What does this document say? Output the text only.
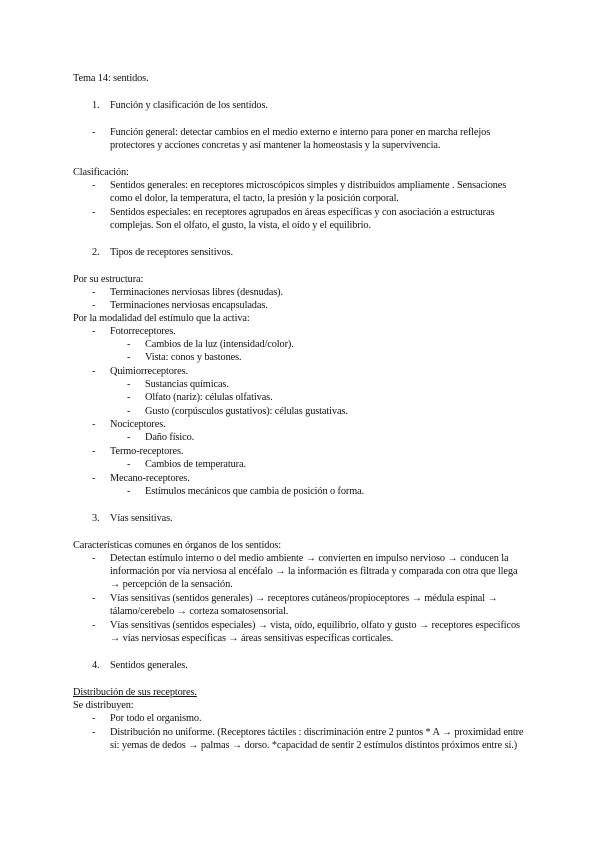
Tema 14: sentidos.
1. Función y clasificación de los sentidos.
- Función general: detectar cambios en el medio externo e interno para poner en marcha reflejos
protectores y acciones concretas y así mantener la homeostasis y la supervivencia.
Clasificación:
- Sentidos generales: en receptores microscópicos simples y distribuidos ampliamente . Sensaciones
como el dolor, la temperatura, el tacto, la presión y la posición corporal.
- Sentidos especiales: en receptores agrupados en áreas específicas y con asociación a estructuras
complejas. Son el olfato, el gusto, la vista, el oído y el equilibrio.
2. Tipos de receptores sensitivos.
Por su estructura:
- Terminaciones nerviosas libres (desnudas).
- Terminaciones nerviosas encapsuladas.
Por la modalidad del estímulo que la activa:
- Fotorreceptores.
- Cambios de la luz (intensidad/color).
- Vista: conos y bastones.
- Quimiorreceptores.
- Sustancias químicas.
- Olfato (nariz): células olfativas.
- Gusto (corpúsculos gustativos): células gustativas.
- Nociceptores.
- Daño físico.
- Termo-receptores.
- Cambios de temperatura.
- Mecano-receptores.
- Estímulos mecánicos que cambia de posición o forma.
3. Vías sensitivas.
Características comunes en órganos de los sentidos:
- Detectan estímulo interno o del medio ambiente → convierten en impulso nervioso → conducen la
información por vía nerviosa al encéfalo → la información es filtrada y comparada con otra que llega
→ percepción de la sensación.
- Vías sensitivas (sentidos generales) → receptores cutáneos/propioceptores → médula espinal →
tálamo/cerebelo → corteza somatosensorial.
- Vías sensitivas (sentidos especiales) → vista, oído, equilibrio, olfato y gusto → receptores específicos
→ vías nerviosas específicas → áreas sensitivas específicas corticales.
4. Sentidos generales.
Distribución de sus receptores.
Se distribuyen:
- Por todo el organismo.
- Distribución no uniforme. (Receptores táctiles : discriminación entre 2 puntos * A → proximidad entre
sí: yemas de dedos → palmas → dorso. *capacidad de sentir 2 estímulos distintos próximos entre sí.)
